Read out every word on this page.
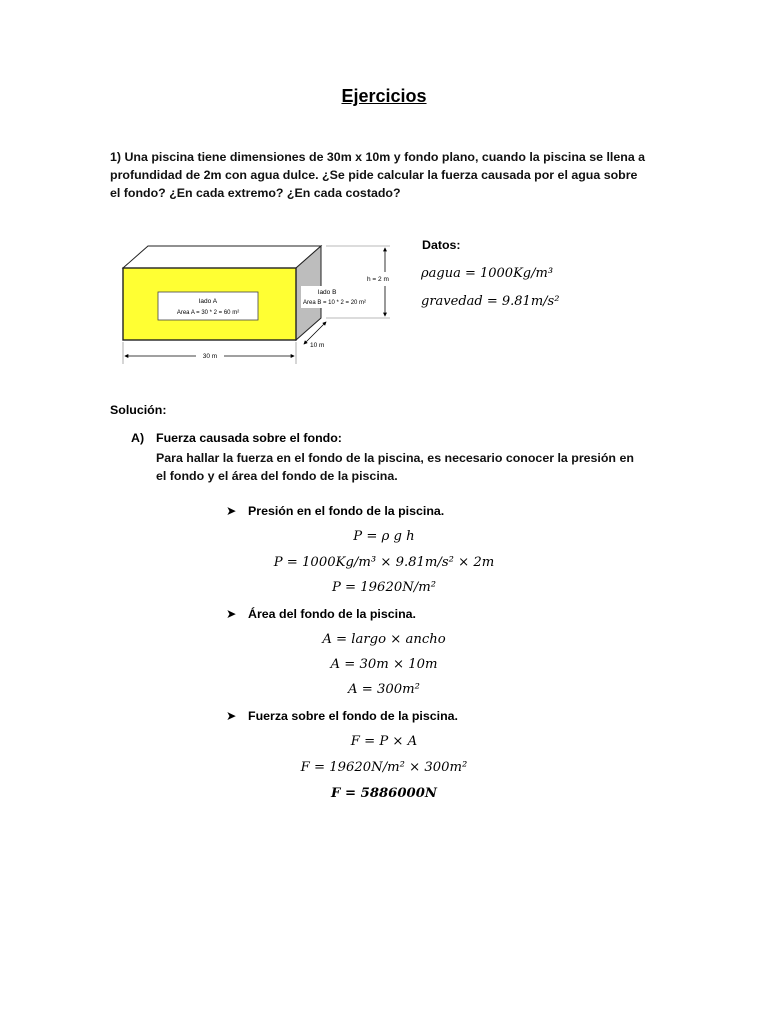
Ejercicios
1) Una piscina tiene dimensiones de 30m x 10m y fondo plano, cuando la piscina se llena a profundidad de 2m con agua dulce. ¿Se pide calcular la fuerza causada por el agua sobre el fondo? ¿En cada extremo? ¿En cada costado?
lado A
Area A = 30 * 2 = 60 m²
lado B
Area B = 10 * 2 = 20 m²
h = 2 m
10 m
30 m
Datos:
ρagua = 1000Kg/m³
gravedad = 9.81m/s²
Solución:
A) Fuerza causada sobre el fondo:
Para hallar la fuerza en el fondo de la piscina, es necesario conocer la presión en el fondo y el área del fondo de la piscina.
➤ Presión en el fondo de la piscina.
P = ρ g h
P = 1000Kg/m³ × 9.81m/s² × 2m
P = 19620N/m²
➤ Área del fondo de la piscina.
A = largo × ancho
A = 30m × 10m
A = 300m²
➤ Fuerza sobre el fondo de la piscina.
F = P × A
F = 19620N/m² × 300m²
F = 5886000N
